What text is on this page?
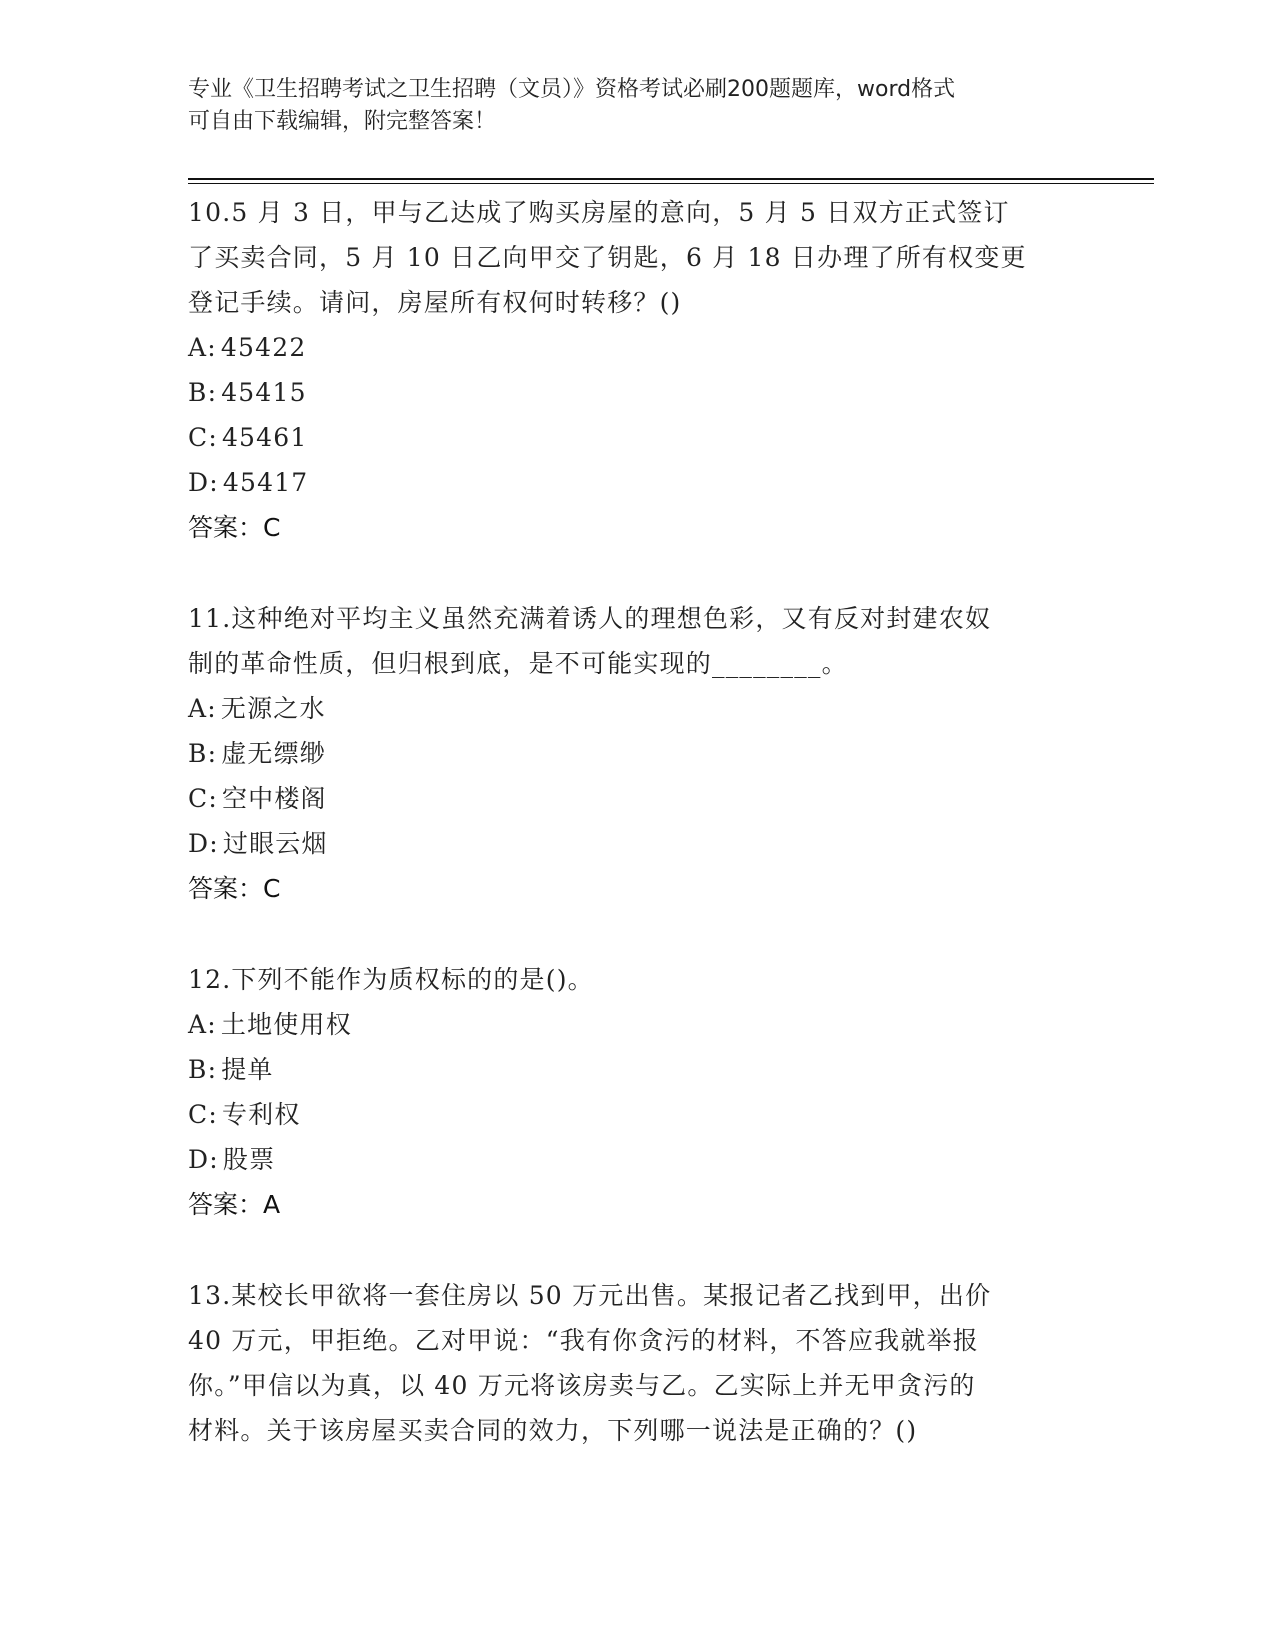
专业《卫生招聘考试之卫生招聘（文员）》资格考试必刷200题题库，word格式
可自由下载编辑，附完整答案！
10.5 月 3 日，甲与乙达成了购买房屋的意向，5 月 5 日双方正式签订
了买卖合同，5 月 10 日乙向甲交了钥匙，6 月 18 日办理了所有权变更
登记手续。请问，房屋所有权何时转移？()
A: 45422
B: 45415
C: 45461
D: 45417
答案：C
11.这种绝对平均主义虽然充满着诱人的理想色彩，又有反对封建农奴
制的革命性质，但归根到底，是不可能实现的________。
A: 无源之水
B: 虚无缥缈
C: 空中楼阁
D: 过眼云烟
答案：C
12.下列不能作为质权标的的是()。
A: 土地使用权
B: 提单
C: 专利权
D: 股票
答案：A
13.某校长甲欲将一套住房以 50 万元出售。某报记者乙找到甲，出价
40 万元，甲拒绝。乙对甲说：“我有你贪污的材料，不答应我就举报
你。”甲信以为真，以 40 万元将该房卖与乙。乙实际上并无甲贪污的
材料。关于该房屋买卖合同的效力，下列哪一说法是正确的？()
